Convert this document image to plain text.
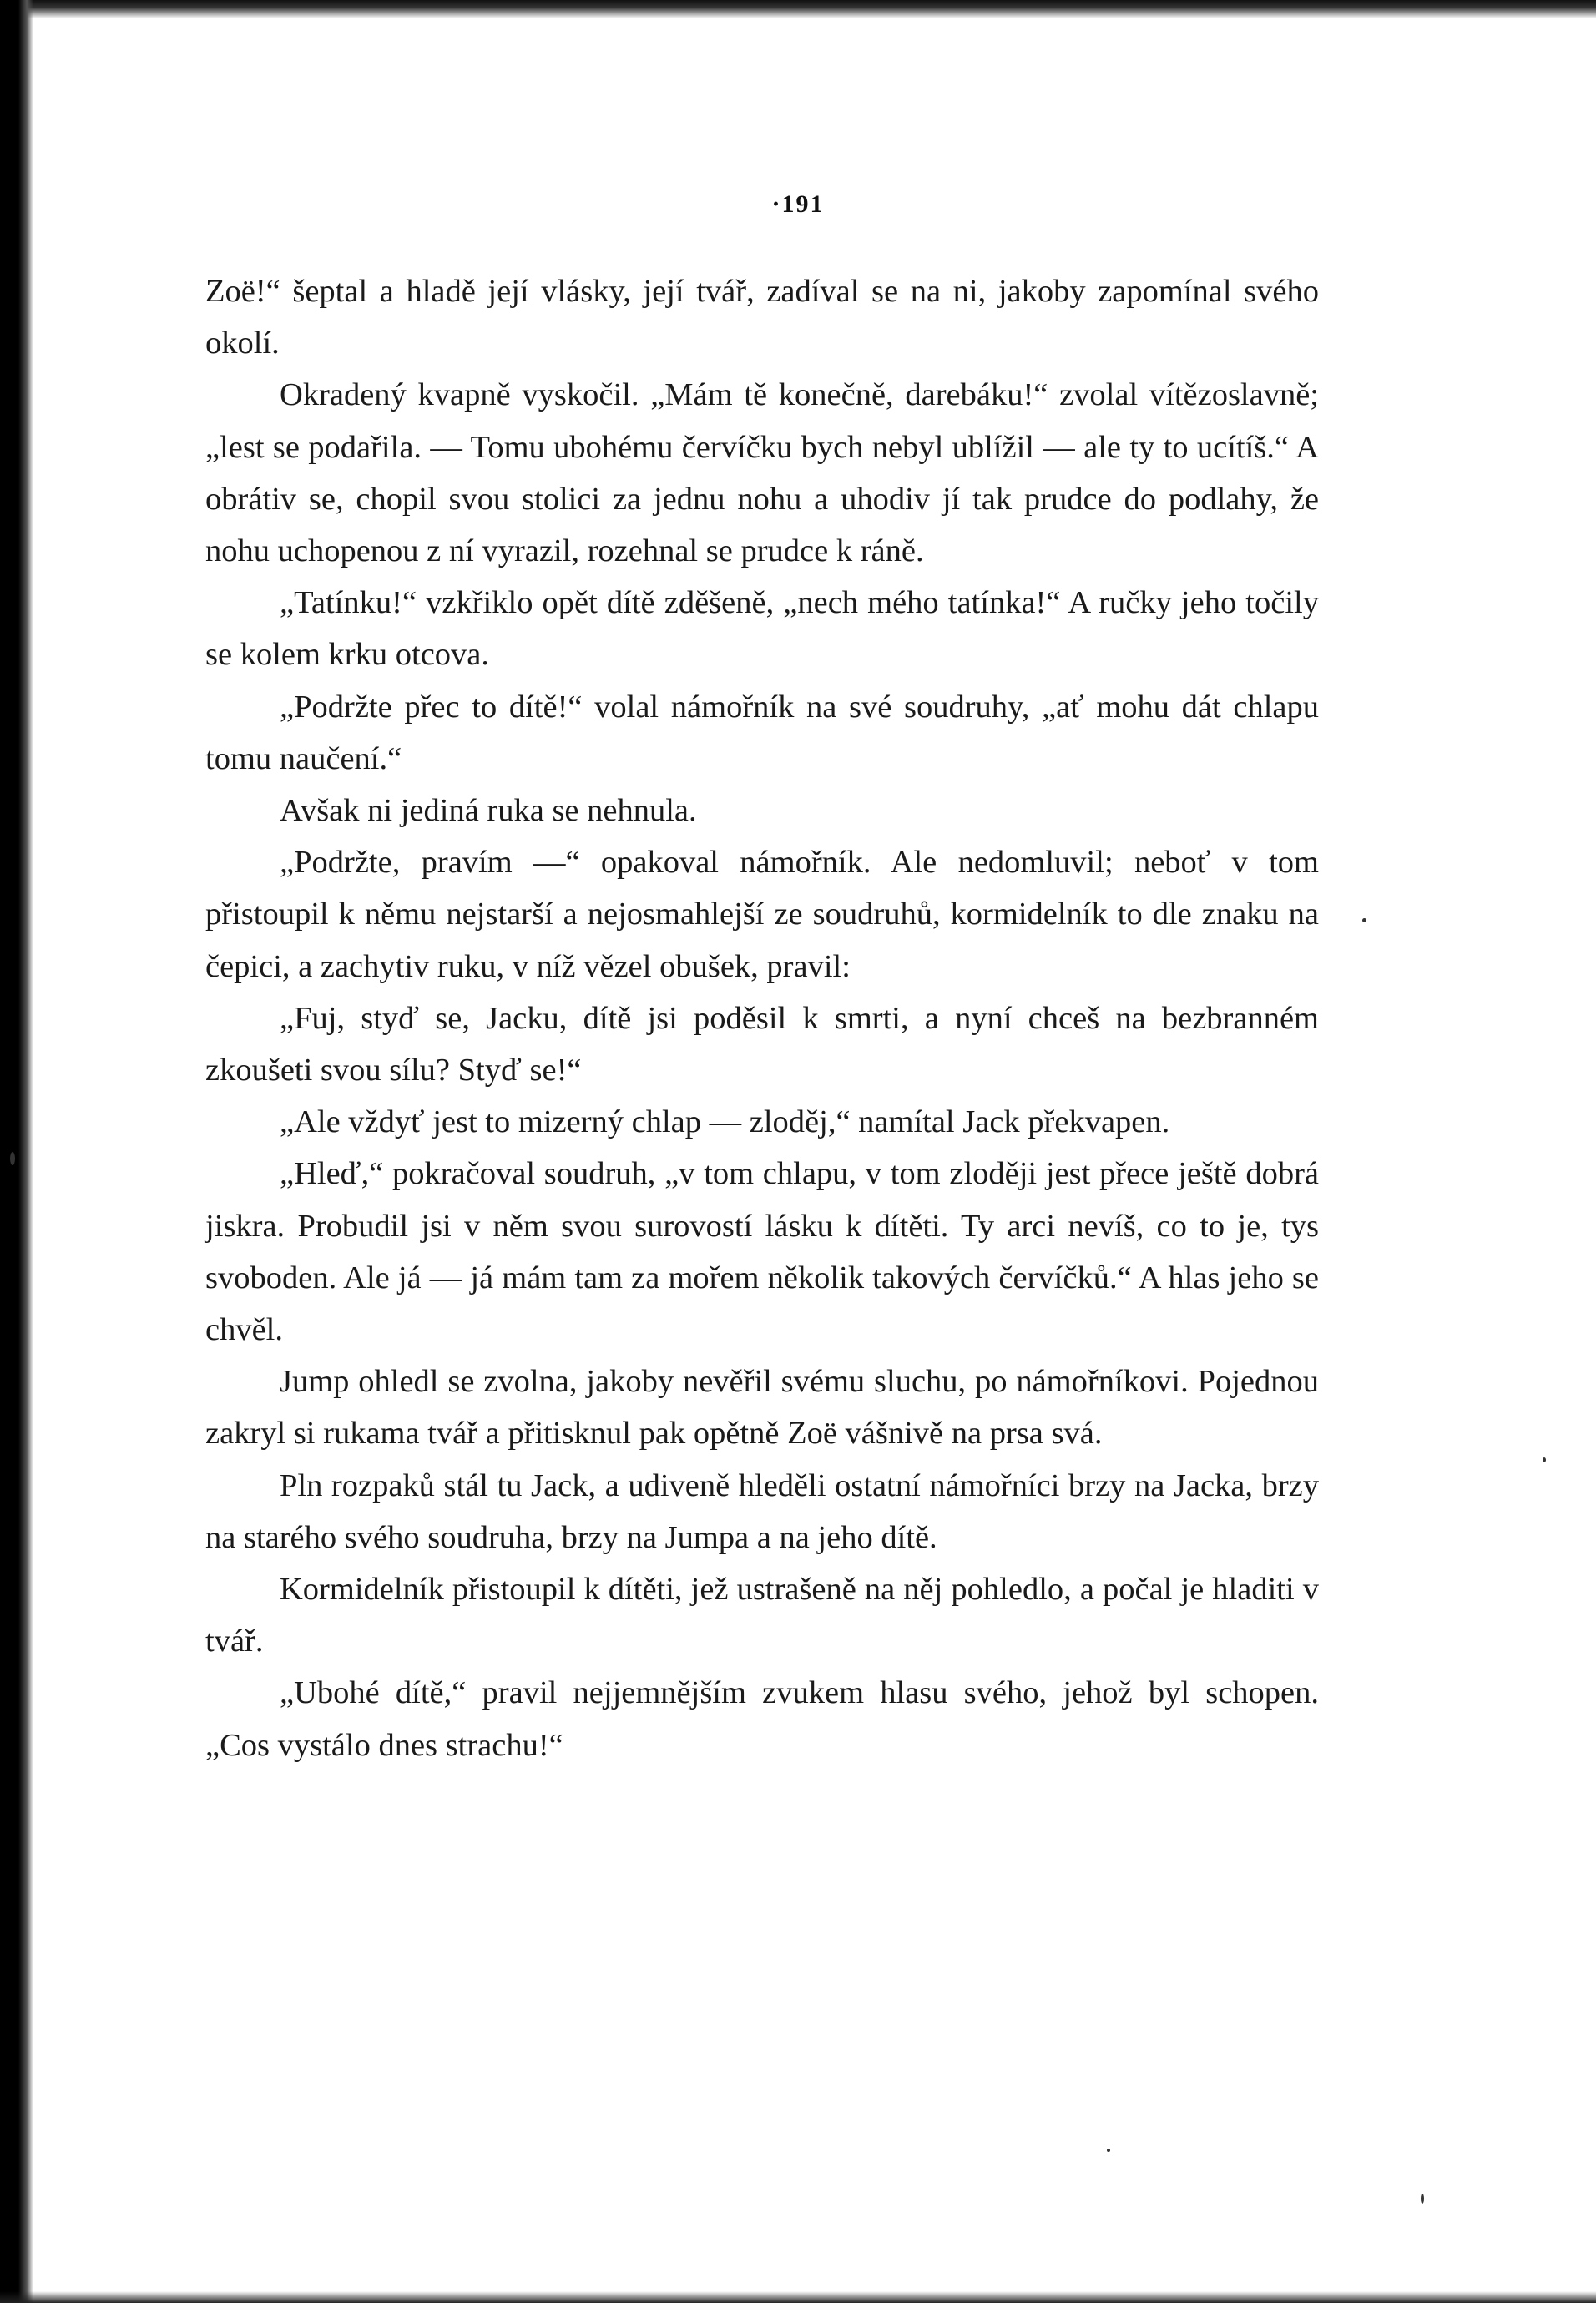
·191

Zoë!“ šeptal a hladě její vlásky, její tvář, zadíval se na ni, jakoby zapomínal svého okolí.

Okradený kvapně vyskočil. „Mám tě konečně, darebáku!“ zvolal vítězoslavně; „lest se podařila. — Tomu ubohému červíčku bych nebyl ublížil — ale ty to ucítíš.“ A obrátiv se, chopil svou stolici za jednu nohu a uhodiv jí tak prudce do podlahy, že nohu uchopenou z ní vyrazil, rozehnal se prudce k ráně.

„Tatínku!“ vzkřiklo opět dítě zděšeně, „nech mého tatínka!“ A ručky jeho točily se kolem krku otcova.

„Podržte přec to dítě!“ volal námořník na své soudruhy, „ať mohu dát chlapu tomu naučení.“

Avšak ni jediná ruka se nehnula.

„Podržte, pravím —“ opakoval námořník. Ale nedomluvil; neboť v tom přistoupil k němu nejstarší a nejosmahlejší ze soudruhů, kormidelník to dle znaku na čepici, a zachytiv ruku, v níž vězel obušek, pravil:

„Fuj, styď se, Jacku, dítě jsi poděsil k smrti, a nyní chceš na bezbranném zkoušeti svou sílu? Styď se!“

„Ale vždyť jest to mizerný chlap — zloděj,“ namítal Jack překvapen.

„Hleď,“ pokračoval soudruh, „v tom chlapu, v tom zloději jest přece ještě dobrá jiskra. Probudil jsi v něm svou surovostí lásku k dítěti. Ty arci nevíš, co to je, tys svoboden. Ale já — já mám tam za mořem několik takových červíčků.“ A hlas jeho se chvěl.

Jump ohledl se zvolna, jakoby nevěřil svému sluchu, po námořníkovi. Pojednou zakryl si rukama tvář a přitisknul pak opětně Zoë vášnivě na prsa svá.

Pln rozpaků stál tu Jack, a udiveně hleděli ostatní námořníci brzy na Jacka, brzy na starého svého soudruha, brzy na Jumpa a na jeho dítě.

Kormidelník přistoupil k dítěti, jež ustrašeně na něj pohledlo, a počal je hladiti v tvář.

„Ubohé dítě,“ pravil nejjemnějším zvukem hlasu svého, jehož byl schopen. „Cos vystálo dnes strachu!“
